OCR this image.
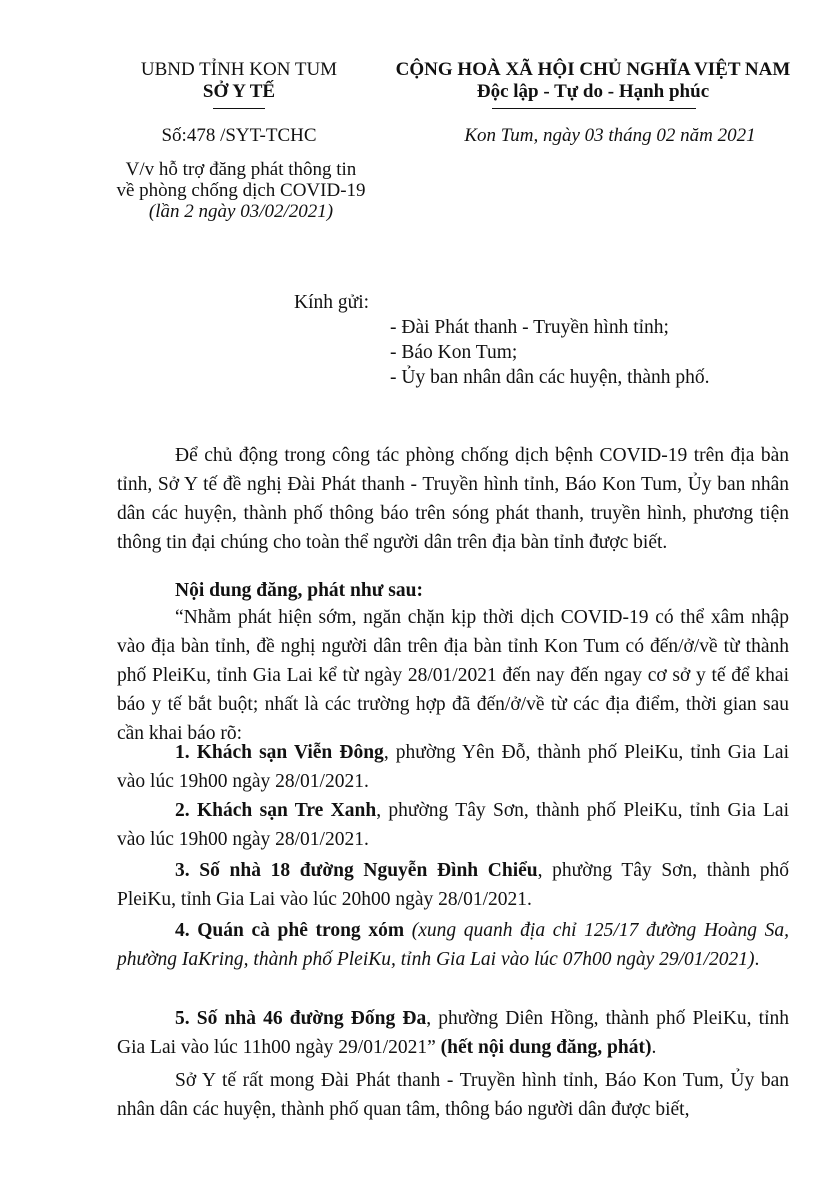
UBND TỈNH KON TUM
SỞ Y TẾ
Số:478 /SYT-TCHC
V/v hỗ trợ đăng phát thông tin
về phòng chống dịch COVID-19
(lần 2 ngày 03/02/2021)
CỘNG HOÀ XÃ HỘI CHỦ NGHĨA VIỆT NAM
Độc lập - Tự do - Hạnh phúc
Kon Tum, ngày 03 tháng 02 năm 2021
Kính gửi:
- Đài Phát thanh - Truyền hình tỉnh;
- Báo Kon Tum;
- Ủy ban nhân dân các huyện, thành phố.

Để chủ động trong công tác phòng chống dịch bệnh COVID-19 trên địa bàn tỉnh, Sở Y tế đề nghị Đài Phát thanh - Truyền hình tỉnh, Báo Kon Tum, Ủy ban nhân dân các huyện, thành phố thông báo trên sóng phát thanh, truyền hình, phương tiện thông tin đại chúng cho toàn thể người dân trên địa bàn tỉnh được biết.

Nội dung đăng, phát như sau:

“Nhằm phát hiện sớm, ngăn chặn kịp thời dịch COVID-19 có thể xâm nhập vào địa bàn tỉnh, đề nghị người dân trên địa bàn tỉnh Kon Tum có đến/ở/về từ thành phố PleiKu, tỉnh Gia Lai kể từ ngày 28/01/2021 đến nay đến ngay cơ sở y tế để khai báo y tế bắt buột; nhất là các trường hợp đã đến/ở/về từ các địa điểm, thời gian sau cần khai báo rõ:

1. Khách sạn Viễn Đông, phường Yên Đỗ, thành phố PleiKu, tỉnh Gia Lai vào lúc 19h00 ngày 28/01/2021.

2. Khách sạn Tre Xanh, phường Tây Sơn, thành phố PleiKu, tỉnh Gia Lai vào lúc 19h00 ngày 28/01/2021.

3. Số nhà 18 đường Nguyễn Đình Chiểu, phường Tây Sơn, thành phố PleiKu, tỉnh Gia Lai vào lúc 20h00 ngày 28/01/2021.

4. Quán cà phê trong xóm (xung quanh địa chỉ 125/17 đường Hoàng Sa, phường IaKring, thành phố PleiKu, tỉnh Gia Lai vào lúc 07h00 ngày 29/01/2021).

5. Số nhà 46 đường Đống Đa, phường Diên Hồng, thành phố PleiKu, tỉnh Gia Lai vào lúc 11h00 ngày 29/01/2021” (hết nội dung đăng, phát).

Sở Y tế rất mong Đài Phát thanh - Truyền hình tỉnh, Báo Kon Tum, Ủy ban nhân dân các huyện, thành phố quan tâm, thông báo người dân được biết,
